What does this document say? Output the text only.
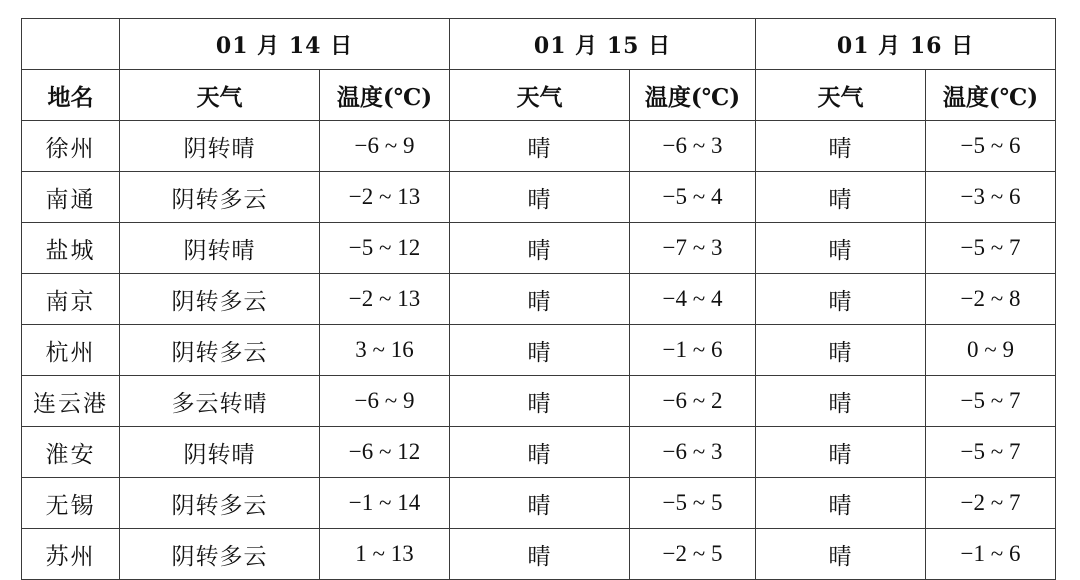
	01 月 14 日		01 月 15 日		01 月 16 日	
地名	天气	温度(℃)	天气	温度(℃)	天气	温度(℃)
徐州	阴转晴	−6 ~ 9	晴	−6 ~ 3	晴	−5 ~ 6
南通	阴转多云	−2 ~ 13	晴	−5 ~ 4	晴	−3 ~ 6
盐城	阴转晴	−5 ~ 12	晴	−7 ~ 3	晴	−5 ~ 7
南京	阴转多云	−2 ~ 13	晴	−4 ~ 4	晴	−2 ~ 8
杭州	阴转多云	3 ~ 16	晴	−1 ~ 6	晴	0 ~ 9
连云港	多云转晴	−6 ~ 9	晴	−6 ~ 2	晴	−5 ~ 7
淮安	阴转晴	−6 ~ 12	晴	−6 ~ 3	晴	−5 ~ 7
无锡	阴转多云	−1 ~ 14	晴	−5 ~ 5	晴	−2 ~ 7
苏州	阴转多云	1 ~ 13	晴	−2 ~ 5	晴	−1 ~ 6
